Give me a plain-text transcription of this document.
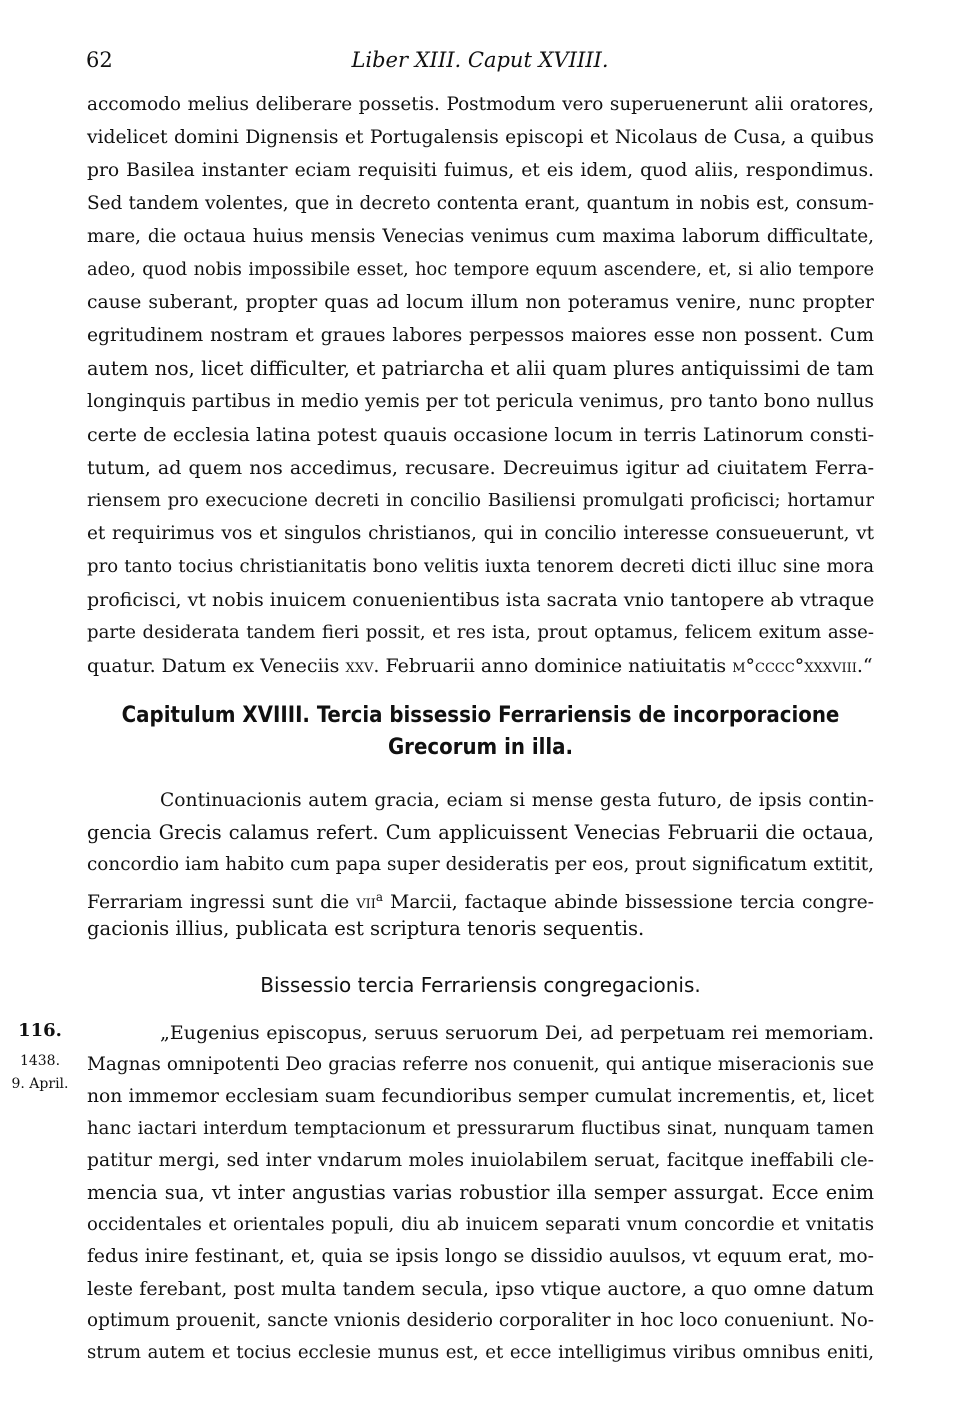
62	Liber XIII. Caput XVIIII.
accomodo melius deliberare possetis. Postmodum vero superuenerunt alii oratores,
videlicet domini Dignensis et Portugalensis episcopi et Nicolaus de Cusa, a quibus
pro Basilea instanter eciam requisiti fuimus, et eis idem, quod aliis, respondimus.
Sed tandem volentes, que in decreto contenta erant, quantum in nobis est, consum-
mare, die octaua huius mensis Venecias venimus cum maxima laborum difficultate,
adeo, quod nobis impossibile esset, hoc tempore equum ascendere, et, si alio tempore
cause suberant, propter quas ad locum illum non poteramus venire, nunc propter
egritudinem nostram et graues labores perpessos maiores esse non possent. Cum
autem nos, licet difficulter, et patriarcha et alii quam plures antiquissimi de tam
longinquis partibus in medio yemis per tot pericula venimus, pro tanto bono nullus
certe de ecclesia latina potest quauis occasione locum in terris Latinorum consti-
tutum, ad quem nos accedimus, recusare. Decreuimus igitur ad ciuitatem Ferra-
riensem pro execucione decreti in concilio Basiliensi promulgati proficisci; hortamur
et requirimus vos et singulos christianos, qui in concilio interesse consueuerunt, vt
pro tanto tocius christianitatis bono velitis iuxta tenorem decreti dicti illuc sine mora
proficisci, vt nobis inuicem conuenientibus ista sacrata vnio tantopere ab vtraque
parte desiderata tandem fieri possit, et res ista, prout optamus, felicem exitum asse-
quatur. Datum ex Veneciis xxv. Februarii anno dominice natiuitatis m°cccc°xxxviii.“
Capitulum XVIIII. Tercia bissessio Ferrariensis de incorporacione
Grecorum in illa.
Continuacionis autem gracia, eciam si mense gesta futuro, de ipsis contin-
gencia Grecis calamus refert. Cum applicuissent Venecias Februarii die octaua,
concordio iam habito cum papa super desideratis per eos, prout significatum extitit,
Ferrariam ingressi sunt die vii$^a$ Marcii, factaque abinde bissessione tercia congre-
gacionis illius, publicata est scriptura tenoris sequentis.
Bissessio tercia Ferrariensis congregacionis.
116.
1438.
9. April.
„Eugenius episcopus, seruus seruorum Dei, ad perpetuam rei memoriam.
Magnas omnipotenti Deo gracias referre nos conuenit, qui antique miseracionis sue
non immemor ecclesiam suam fecundioribus semper cumulat incrementis, et, licet
hanc iactari interdum temptacionum et pressurarum fluctibus sinat, nunquam tamen
patitur mergi, sed inter vndarum moles inuiolabilem seruat, facitque ineffabili cle-
mencia sua, vt inter angustias varias robustior illa semper assurgat. Ecce enim
occidentales et orientales populi, diu ab inuicem separati vnum concordie et vnitatis
fedus inire festinant, et, quia se ipsis longo se dissidio auulsos, vt equum erat, mo-
leste ferebant, post multa tandem secula, ipso vtique auctore, a quo omne datum
optimum prouenit, sancte vnionis desiderio corporaliter in hoc loco conueniunt. No-
strum autem et tocius ecclesie munus est, et ecce intelligimus viribus omnibus eniti,
